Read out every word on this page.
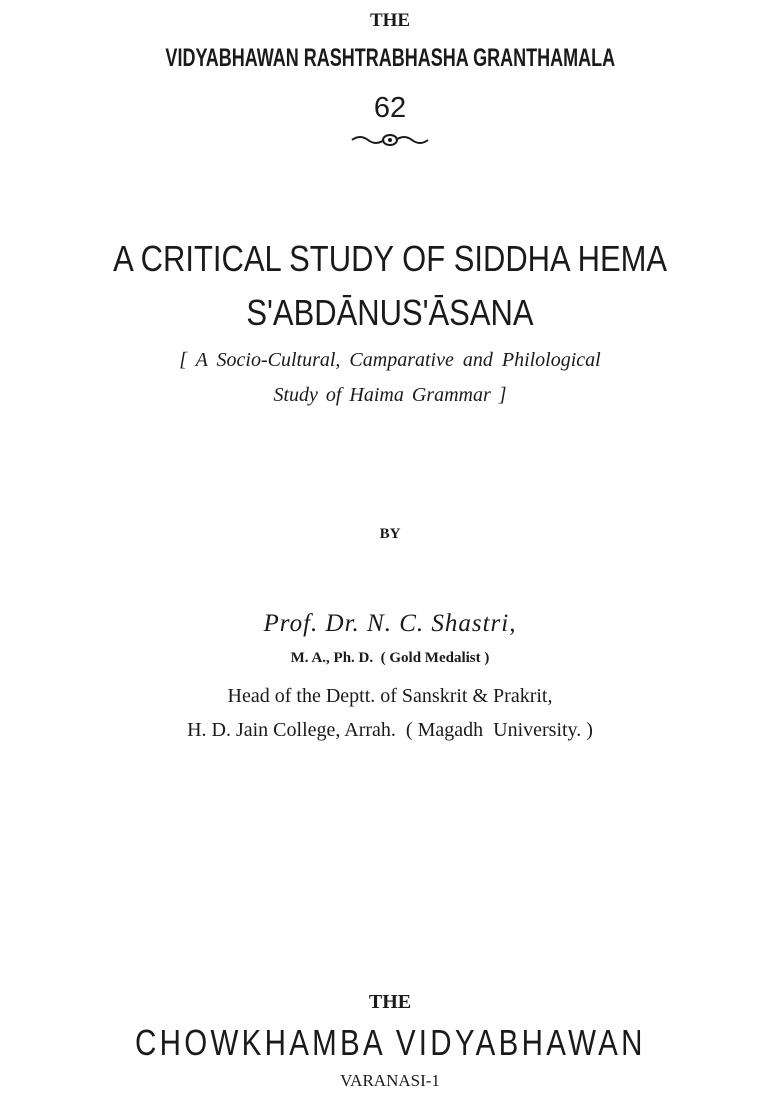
THE
VIDYABHAWAN RASHTRABHASHA GRANTHAMALA
62
A CRITICAL STUDY OF SIDDHA HEMA
S'ABDĀNUS'ĀSANA
[ A Socio-Cultural, Camparative and Philological
Study of Haima Grammar ]
BY
Prof. Dr. N. C. Shastri,
M. A., Ph. D.  ( Gold Medalist )
Head of the Deptt. of Sanskrit & Prakrit,
H. D. Jain College, Arrah.  ( Magadh  University. )
THE
CHOWKHAMBA VIDYABHAWAN
VARANASI-1
